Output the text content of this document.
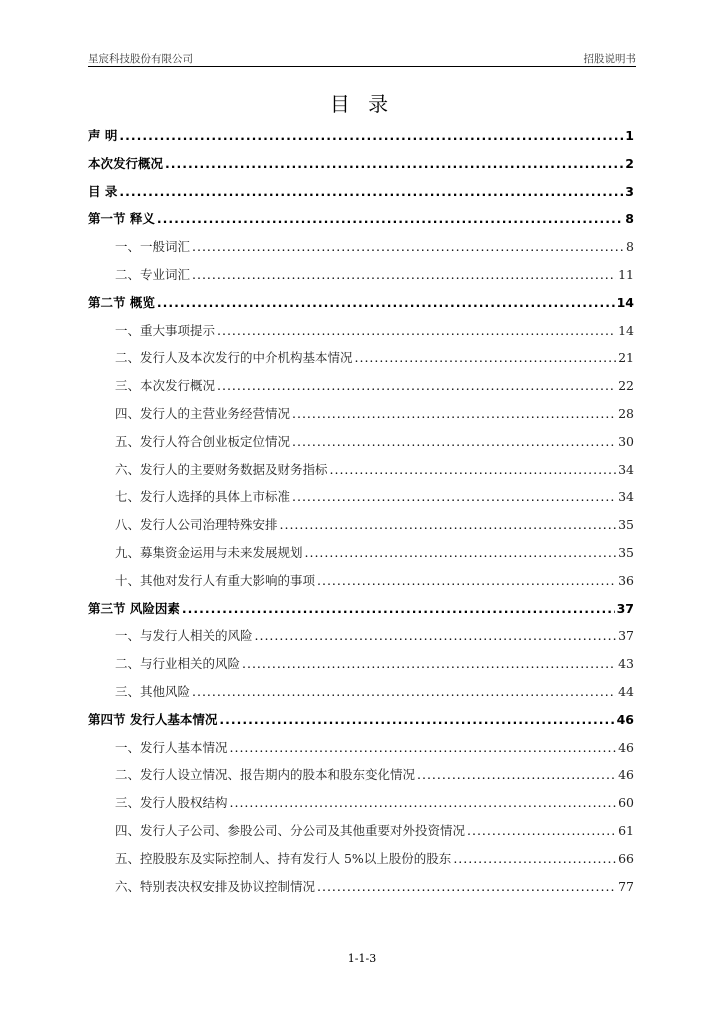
星宸科技股份有限公司	招股说明书
目 录
声 明 .....	1
本次发行概况 .....	2
目 录 .....	3
第一节 释义 .....	8
一、一般词汇 .....	8
二、专业词汇 .....	11
第二节 概览 .....	14
一、重大事项提示 .....	14
二、发行人及本次发行的中介机构基本情况 .....	21
三、本次发行概况 .....	22
四、发行人的主营业务经营情况 .....	28
五、发行人符合创业板定位情况 .....	30
六、发行人的主要财务数据及财务指标 .....	34
七、发行人选择的具体上市标准 .....	34
八、发行人公司治理特殊安排 .....	35
九、募集资金运用与未来发展规划 .....	35
十、其他对发行人有重大影响的事项 .....	36
第三节 风险因素 .....	37
一、与发行人相关的风险 .....	37
二、与行业相关的风险 .....	43
三、其他风险 .....	44
第四节 发行人基本情况 .....	46
一、发行人基本情况 .....	46
二、发行人设立情况、报告期内的股本和股东变化情况 .....	46
三、发行人股权结构 .....	60
四、发行人子公司、参股公司、分公司及其他重要对外投资情况 .....	61
五、控股股东及实际控制人、持有发行人 5%以上股份的股东 .....	66
六、特别表决权安排及协议控制情况 .....	77
1-1-3
